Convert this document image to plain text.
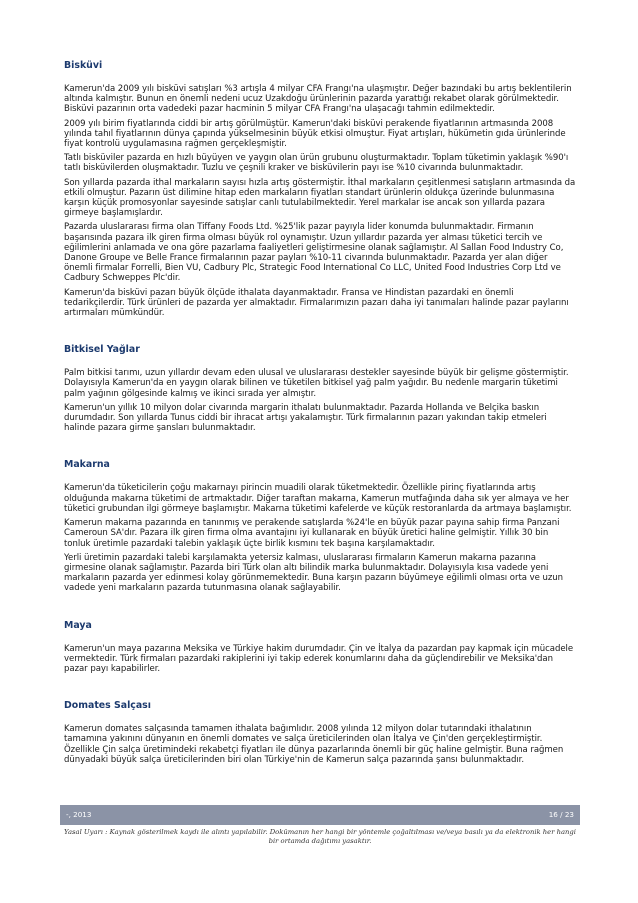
Bisküvi

Kamerun'da 2009 yılı bisküvi satışları %3 artışla 4 milyar CFA Frangı'na ulaşmıştır. Değer bazındaki bu artış beklentilerin altında kalmıştır. Bunun en önemli nedeni ucuz Uzakdoğu ürünlerinin pazarda yarattığı rekabet olarak görülmektedir. Bisküvi pazarının orta vadedeki pazar hacminin 5 milyar CFA Frangı'na ulaşacağı tahmin edilmektedir.

2009 yılı birim fiyatlarında ciddi bir artış görülmüştür. Kamerun'daki bisküvi perakende fiyatlarının artmasında 2008 yılında tahıl fiyatlarının dünya çapında yükselmesinin büyük etkisi olmuştur. Fiyat artışları, hükümetin gıda ürünlerinde fiyat kontrolü uygulamasına rağmen gerçekleşmiştir.

Tatlı bisküviler pazarda en hızlı büyüyen ve yaygın olan ürün grubunu oluşturmaktadır. Toplam tüketimin yaklaşık %90'ı tatlı bisküvilerden oluşmaktadır. Tuzlu ve çeşnili kraker ve bisküvilerin payı ise %10 civarında bulunmaktadır.

Son yıllarda pazarda ithal markaların sayısı hızla artış göstermiştir. İthal markaların çeşitlenmesi satışların artmasında da etkili olmuştur. Pazarın üst dilimine hitap eden markaların fiyatları standart ürünlerin oldukça üzerinde bulunmasına karşın küçük promosyonlar sayesinde satışlar canlı tutulabilmektedir. Yerel markalar ise ancak son yıllarda pazara girmeye başlamışlardır.

Pazarda uluslararası firma olan Tiffany Foods Ltd. %25'lik pazar payıyla lider konumda bulunmaktadır. Firmanın başarısında pazara ilk giren firma olması büyük rol oynamıştır. Uzun yıllardır pazarda yer alması tüketici tercih ve eğilimlerini anlamada ve ona göre pazarlama faaliyetleri geliştirmesine olanak sağlamıştır. Al Sallan Food Industry Co, Danone Groupe ve Belle France firmalarının pazar payları %10-11 civarında bulunmaktadır. Pazarda yer alan diğer önemli firmalar Forrelli, Bien VU, Cadbury Plc, Strategic Food International Co LLC, United Food Industries Corp Ltd ve Cadbury Schweppes Plc'dir.

Kamerun'da bisküvi pazarı büyük ölçüde ithalata dayanmaktadır. Fransa ve Hindistan pazardaki en önemli tedarikçilerdir. Türk ürünleri de pazarda yer almaktadır. Firmalarımızın pazarı daha iyi tanımaları halinde pazar paylarını artırmaları mümkündür.

Bitkisel Yağlar

Palm bitkisi tarımı, uzun yıllardır devam eden ulusal ve uluslararası destekler sayesinde büyük bir gelişme göstermiştir. Dolayısıyla Kamerun'da en yaygın olarak bilinen ve tüketilen bitkisel yağ palm yağıdır. Bu nedenle margarin tüketimi palm yağının gölgesinde kalmış ve ikinci sırada yer almıştır.

Kamerun'un yıllık 10 milyon dolar civarında margarin ithalatı bulunmaktadır. Pazarda Hollanda ve Belçika baskın durumdadır. Son yıllarda Tunus ciddi bir ihracat artışı yakalamıştır. Türk firmalarının pazarı yakından takip etmeleri halinde pazara girme şansları bulunmaktadır.

Makarna

Kamerun'da tüketicilerin çoğu makarnayı pirincin muadili olarak tüketmektedir. Özellikle pirinç fiyatlarında artış olduğunda makarna tüketimi de artmaktadır. Diğer taraftan makarna, Kamerun mutfağında daha sık yer almaya ve her tüketici grubundan ilgi görmeye başlamıştır. Makarna tüketimi kafelerde ve küçük restoranlarda da artmaya başlamıştır.

Kamerun makarna pazarında en tanınmış ve perakende satışlarda %24'le en büyük pazar payına sahip firma Panzani Cameroun SA'dır. Pazara ilk giren firma olma avantajını iyi kullanarak en büyük üretici haline gelmiştir. Yıllık 30 bin tonluk üretimle pazardaki talebin yaklaşık üçte birlik kısmını tek başına karşılamaktadır.

Yerli üretimin pazardaki talebi karşılamakta yetersiz kalması, uluslararası firmaların Kamerun makarna pazarına girmesine olanak sağlamıştır. Pazarda biri Türk olan altı bilindik marka bulunmaktadır. Dolayısıyla kısa vadede yeni markaların pazarda yer edinmesi kolay görünmemektedir. Buna karşın pazarın büyümeye eğilimli olması orta ve uzun vadede yeni markaların pazarda tutunmasına olanak sağlayabilir.

Maya

Kamerun'un maya pazarına Meksika ve Türkiye hakim durumdadır. Çin ve İtalya da pazardan pay kapmak için mücadele vermektedir. Türk firmaları pazardaki rakiplerini iyi takip ederek konumlarını daha da güçlendirebilir ve Meksika'dan pazar payı kapabilirler.

Domates Salçası

Kamerun domates salçasında tamamen ithalata bağımlıdır. 2008 yılında 12 milyon dolar tutarındaki ithalatının tamamına yakınını dünyanın en önemli domates ve salça üreticilerinden olan İtalya ve Çin'den gerçekleştirmiştir. Özellikle Çin salça üretimindeki rekabetçi fiyatları ile dünya pazarlarında önemli bir güç haline gelmiştir. Buna rağmen dünyadaki büyük salça üreticilerinden biri olan Türkiye'nin de Kamerun salça pazarında şansı bulunmaktadır.

-, 2013	16 / 23
Yasal Uyarı : Kaynak gösterilmek kaydı ile alıntı yapılabilir. Dokümanın her hangi bir yöntemle çoğaltılması ve/veya basılı ya da elektronik her hangi bir ortamda dağıtımı yasaktır.
